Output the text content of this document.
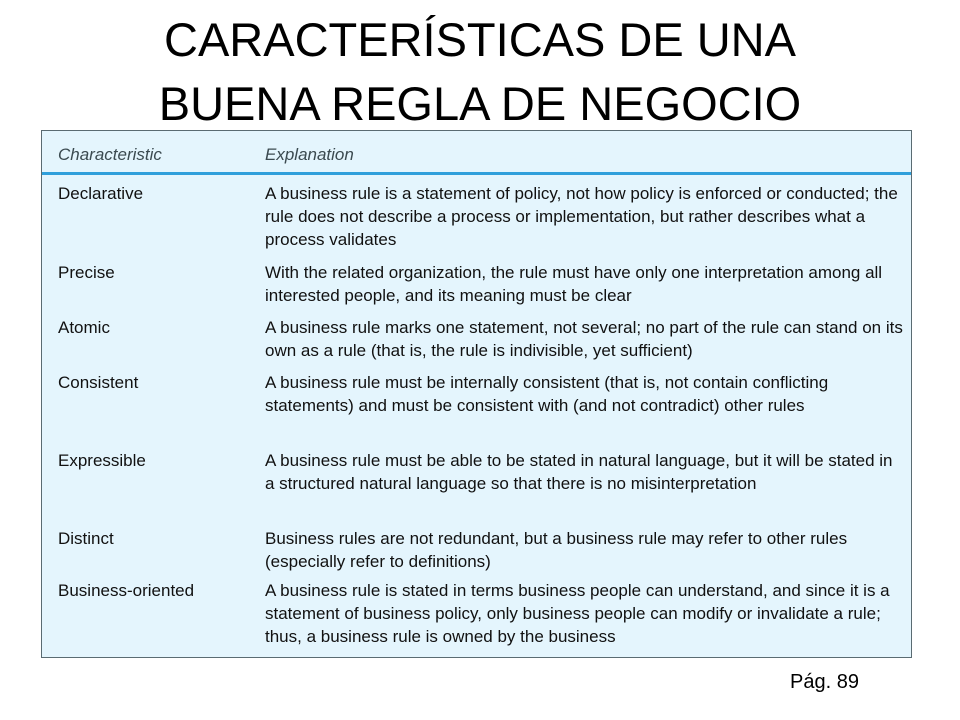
CARACTERÍSTICAS DE UNA
BUENA REGLA DE NEGOCIO
Characteristic	Explanation
Declarative	A business rule is a statement of policy, not how policy is enforced or conducted; the rule does not describe a process or implementation, but rather describes what a process validates
Precise	With the related organization, the rule must have only one interpretation among all interested people, and its meaning must be clear
Atomic	A business rule marks one statement, not several; no part of the rule can stand on its own as a rule (that is, the rule is indivisible, yet sufficient)
Consistent	A business rule must be internally consistent (that is, not contain conflicting statements) and must be consistent with (and not contradict) other rules
Expressible	A business rule must be able to be stated in natural language, but it will be stated in a structured natural language so that there is no misinterpretation
Distinct	Business rules are not redundant, but a business rule may refer to other rules (especially refer to definitions)
Business-oriented	A business rule is stated in terms business people can understand, and since it is a statement of business policy, only business people can modify or invalidate a rule; thus, a business rule is owned by the business
Pág. 89
